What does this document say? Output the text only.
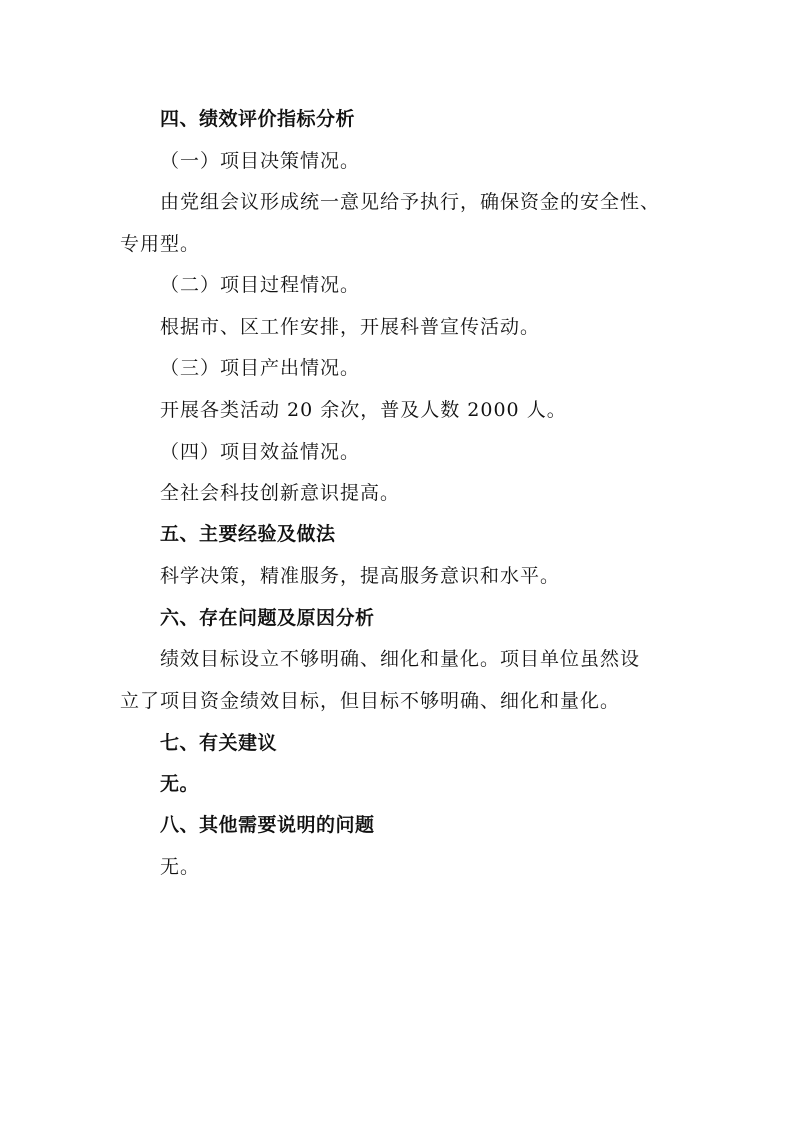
四、绩效评价指标分析
（一）项目决策情况。
由党组会议形成统一意见给予执行，确保资金的安全性、
专用型。
（二）项目过程情况。
根据市、区工作安排，开展科普宣传活动。
（三）项目产出情况。
开展各类活动 20 余次，普及人数 2000 人。
（四）项目效益情况。
全社会科技创新意识提高。
五、主要经验及做法
科学决策，精准服务，提高服务意识和水平。
六、存在问题及原因分析
绩效目标设立不够明确、细化和量化。项目单位虽然设
立了项目资金绩效目标，但目标不够明确、细化和量化。
七、有关建议
无。
八、其他需要说明的问题
无。
